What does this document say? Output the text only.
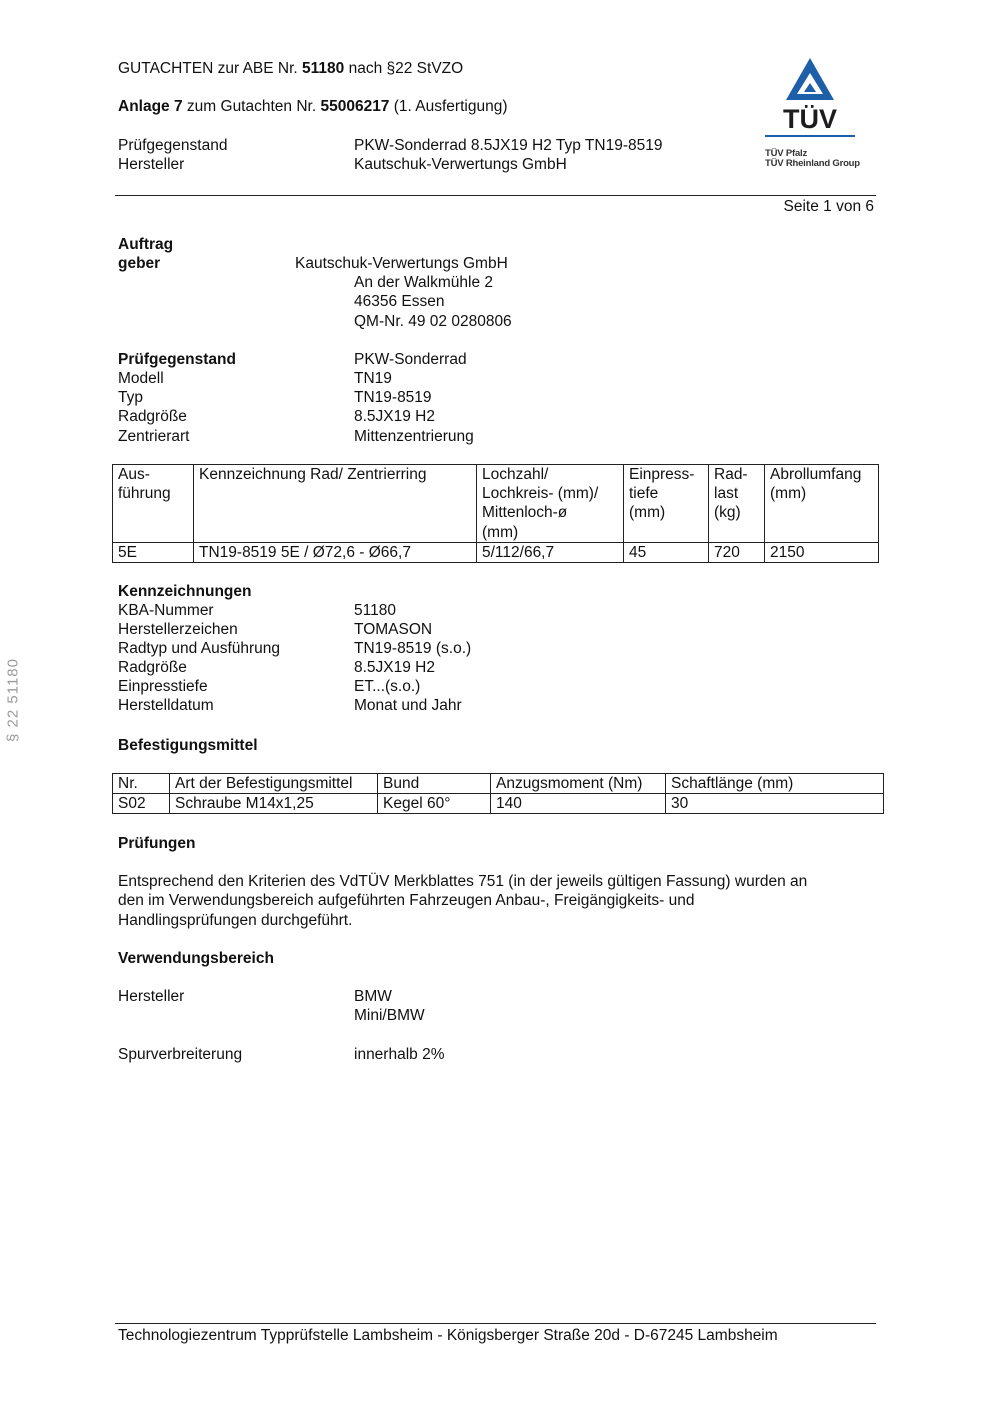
GUTACHTEN zur ABE Nr. 51180 nach §22 StVZO
Anlage 7 zum Gutachten Nr. 55006217 (1. Ausfertigung)
Prüfgegenstand	PKW-Sonderrad 8.5JX19 H2 Typ TN19-8519
Hersteller	Kautschuk-Verwertungs GmbH
TÜV
TÜV Pfalz
TÜV Rheinland Group
Seite 1 von 6
§ 22 51180
Auftrag
geber	Kautschuk-Verwertungs GmbH
An der Walkmühle 2
46356 Essen
QM-Nr. 49 02 0280806
Prüfgegenstand	PKW-Sonderrad
Modell	TN19
Typ	TN19-8519
Radgröße	8.5JX19 H2
Zentrierart	Mittenzentrierung
Aus-
führung	Kennzeichnung Rad/ Zentrierring	Lochzahl/
Lochkreis- (mm)/
Mittenloch-ø
(mm)	Einpress-
tiefe
(mm)	Rad-
last
(kg)	Abrollumfang
(mm)
5E	TN19-8519 5E / Ø72,6 - Ø66,7	5/112/66,7	45	720	2150
Kennzeichnungen
KBA-Nummer	51180
Herstellerzeichen	TOMASON
Radtyp und Ausführung	TN19-8519 (s.o.)
Radgröße	8.5JX19 H2
Einpresstiefe	ET...(s.o.)
Herstelldatum	Monat und Jahr
Befestigungsmittel
Nr.	Art der Befestigungsmittel	Bund	Anzugsmoment (Nm)	Schaftlänge (mm)
S02	Schraube M14x1,25	Kegel 60°	140	30
Prüfungen
Entsprechend den Kriterien des VdTÜV Merkblattes 751 (in der jeweils gültigen Fassung) wurden an
den im Verwendungsbereich aufgeführten Fahrzeugen Anbau-, Freigängigkeits- und
Handlingsprüfungen durchgeführt.
Verwendungsbereich
Hersteller	BMW
Mini/BMW
Spurverbreiterung	innerhalb 2%
Technologiezentrum Typprüfstelle Lambsheim - Königsberger Straße 20d - D-67245 Lambsheim
